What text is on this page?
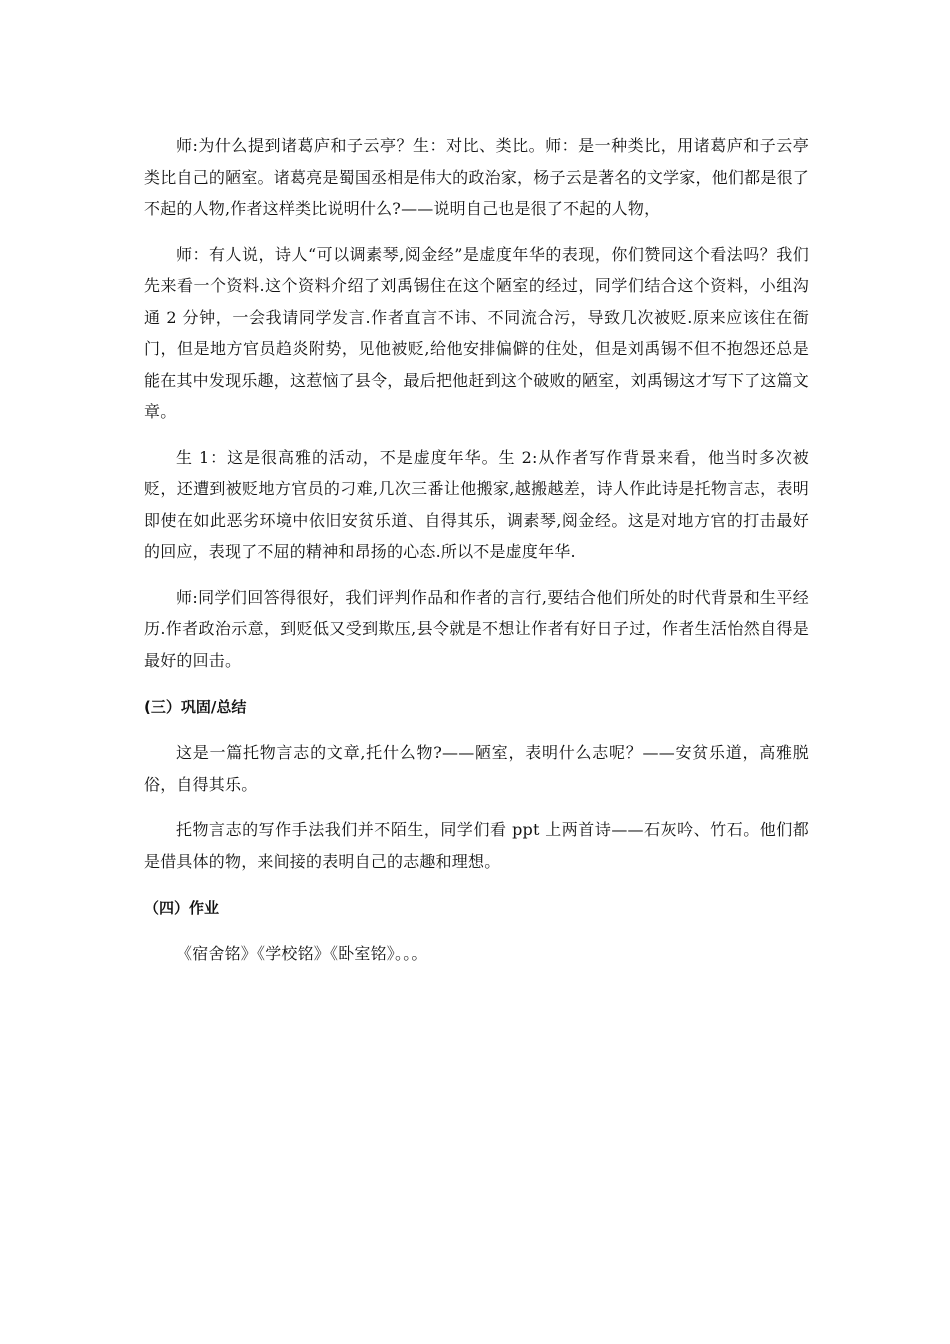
师:为什么提到诸葛庐和子云亭？生：对比、类比。师：是一种类比，用诸葛庐和子云亭类比自己的陋室。诸葛亮是蜀国丞相是伟大的政治家，杨子云是著名的文学家，他们都是很了不起的人物,作者这样类比说明什么?——说明自己也是很了不起的人物，

师：有人说，诗人“可以调素琴,阅金经”是虚度年华的表现，你们赞同这个看法吗？我们先来看一个资料.这个资料介绍了刘禹锡住在这个陋室的经过，同学们结合这个资料，小组沟通 2 分钟，一会我请同学发言.作者直言不讳、不同流合污，导致几次被贬.原来应该住在衙门，但是地方官员趋炎附势，见他被贬,给他安排偏僻的住处，但是刘禹锡不但不抱怨还总是能在其中发现乐趣，这惹恼了县令，最后把他赶到这个破败的陋室，刘禹锡这才写下了这篇文章。

生 1：这是很高雅的活动，不是虚度年华。生 2:从作者写作背景来看，他当时多次被贬，还遭到被贬地方官员的刁难,几次三番让他搬家,越搬越差，诗人作此诗是托物言志，表明即使在如此恶劣环境中依旧安贫乐道、自得其乐，调素琴,阅金经。这是对地方官的打击最好的回应，表现了不屈的精神和昂扬的心态.所以不是虚度年华.

师:同学们回答得很好，我们评判作品和作者的言行,要结合他们所处的时代背景和生平经历.作者政治示意，到贬低又受到欺压,县令就是不想让作者有好日子过，作者生活怡然自得是最好的回击。

(三）巩固/总结

这是一篇托物言志的文章,托什么物?——陋室，表明什么志呢？——安贫乐道，高雅脱俗，自得其乐。

托物言志的写作手法我们并不陌生，同学们看 ppt 上两首诗——石灰吟、竹石。他们都是借具体的物，来间接的表明自己的志趣和理想。

（四）作业

《宿舍铭》《学校铭》《卧室铭》。。。
